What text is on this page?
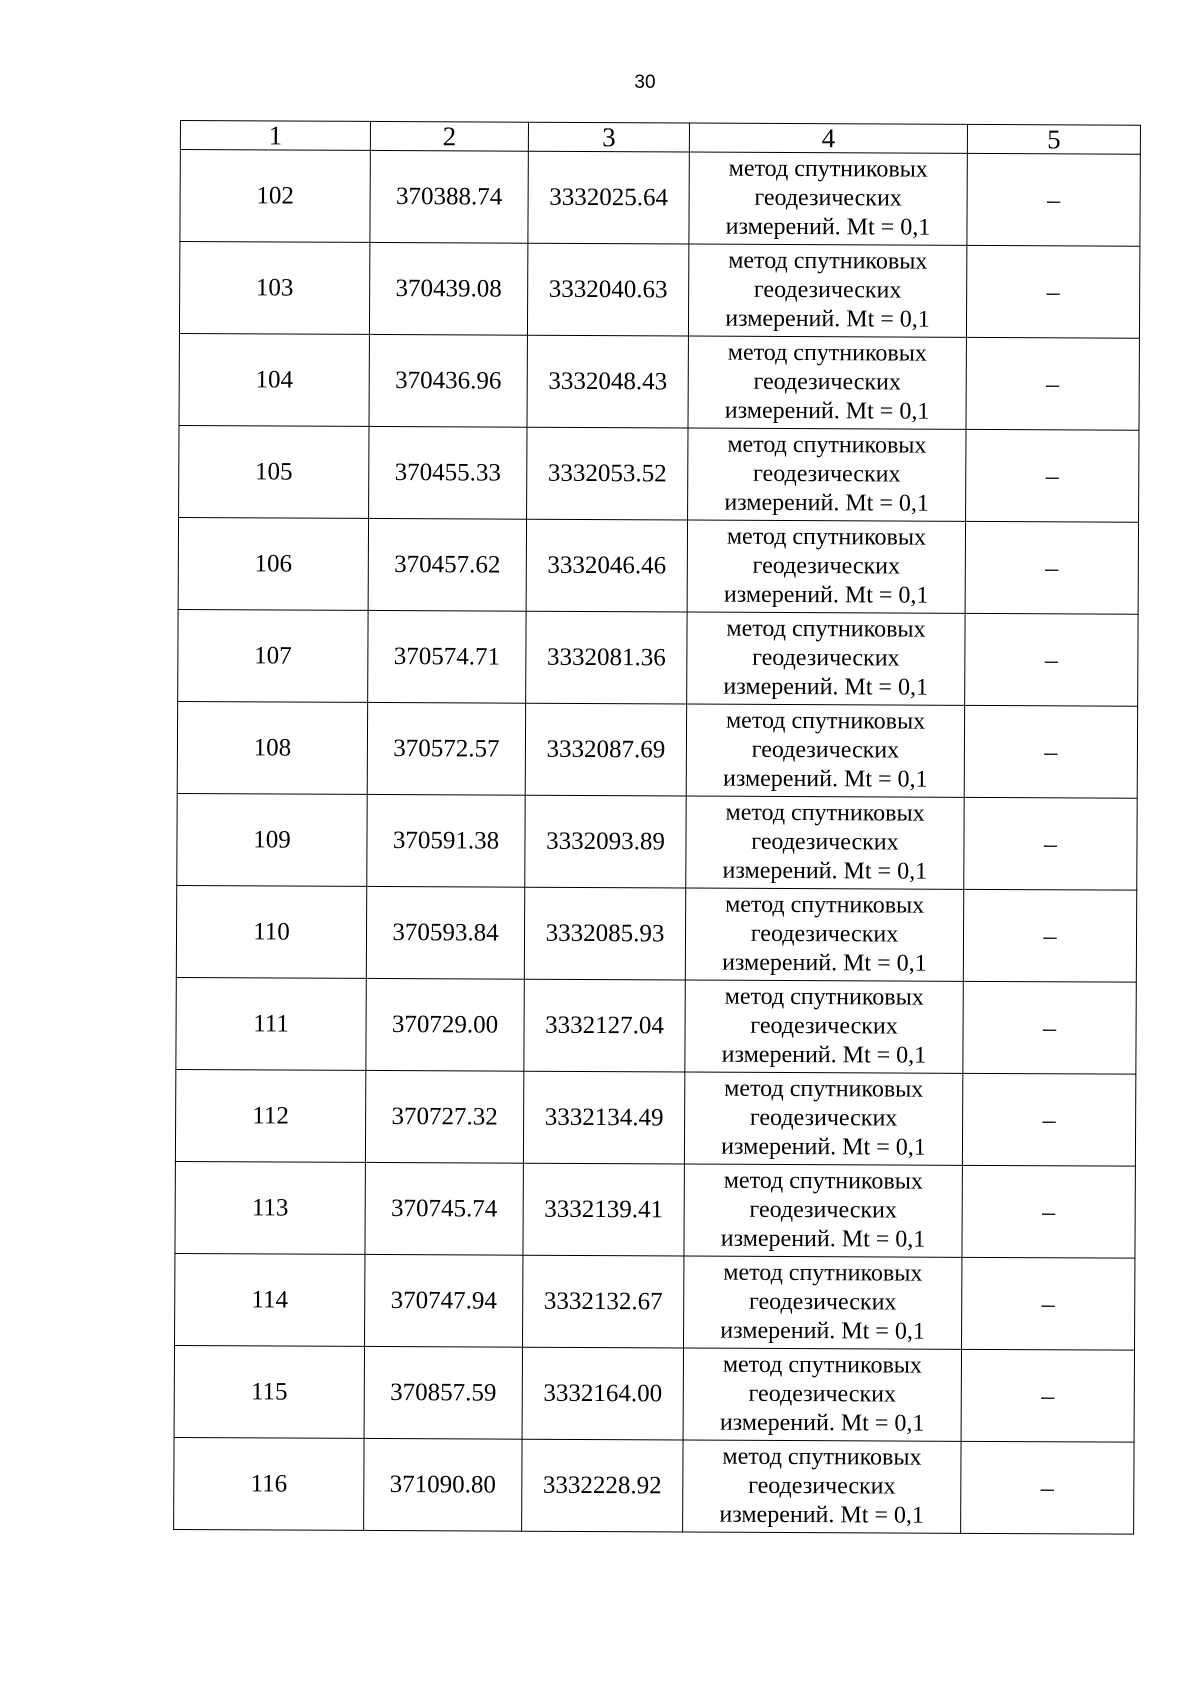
30
1	2	3	4	5
102	370388.74	3332025.64	метод спутниковых
геодезических
измерений. Mt = 0,1	–
103	370439.08	3332040.63	метод спутниковых
геодезических
измерений. Mt = 0,1	–
104	370436.96	3332048.43	метод спутниковых
геодезических
измерений. Mt = 0,1	–
105	370455.33	3332053.52	метод спутниковых
геодезических
измерений. Mt = 0,1	–
106	370457.62	3332046.46	метод спутниковых
геодезических
измерений. Mt = 0,1	–
107	370574.71	3332081.36	метод спутниковых
геодезических
измерений. Mt = 0,1	–
108	370572.57	3332087.69	метод спутниковых
геодезических
измерений. Mt = 0,1	–
109	370591.38	3332093.89	метод спутниковых
геодезических
измерений. Mt = 0,1	–
110	370593.84	3332085.93	метод спутниковых
геодезических
измерений. Mt = 0,1	–
111	370729.00	3332127.04	метод спутниковых
геодезических
измерений. Mt = 0,1	–
112	370727.32	3332134.49	метод спутниковых
геодезических
измерений. Mt = 0,1	–
113	370745.74	3332139.41	метод спутниковых
геодезических
измерений. Mt = 0,1	–
114	370747.94	3332132.67	метод спутниковых
геодезических
измерений. Mt = 0,1	–
115	370857.59	3332164.00	метод спутниковых
геодезических
измерений. Mt = 0,1	–
116	371090.80	3332228.92	метод спутниковых
геодезических
измерений. Mt = 0,1	–
